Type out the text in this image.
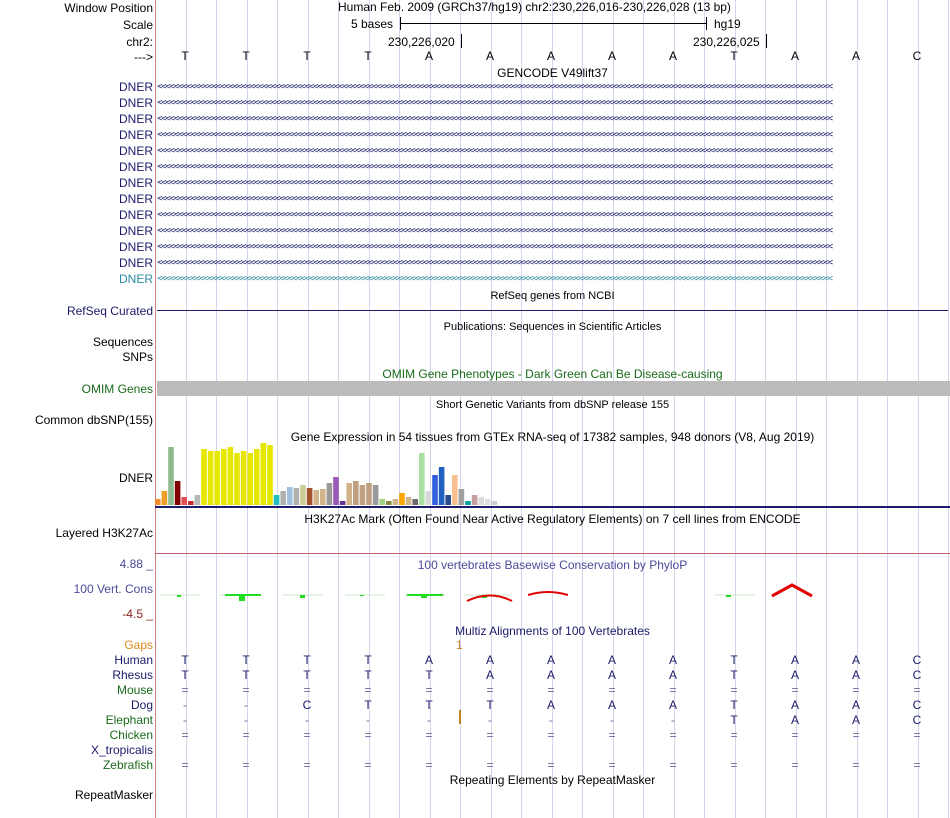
Window Position
Scale
chr2:
--->
Human Feb. 2009 (GRCh37/hg19) chr2:230,226,016-230,226,028 (13 bp)
5 bases	hg19
230,226,020	230,226,025
T	T	T	T	A	A	A	A	A	T	A	A	C
GENCODE V49lift37
DNER <<<<<<<<<<<<<<<<<<<<<<<<<<<<<<<<<<<<<<<<<<<<<<<<<<<<<<<<<<<<<<<<<<<<<<<<<<<<<<<<<<<<<<<<<<<<<<<<<<<<<<<<<<<<<<<<<<<<<<<<<<<<<<<<<<<<<<<<<<<<<<<<<<<<<<<<<<<<<<<<
DNER <<<<<<<<<<<<<<<<<<<<<<<<<<<<<<<<<<<<<<<<<<<<<<<<<<<<<<<<<<<<<<<<<<<<<<<<<<<<<<<<<<<<<<<<<<<<<<<<<<<<<<<<<<<<<<<<<<<<<<<<<<<<<<<<<<<<<<<<<<<<<<<<<<<<<<<<<<<<<<<<
DNER <<<<<<<<<<<<<<<<<<<<<<<<<<<<<<<<<<<<<<<<<<<<<<<<<<<<<<<<<<<<<<<<<<<<<<<<<<<<<<<<<<<<<<<<<<<<<<<<<<<<<<<<<<<<<<<<<<<<<<<<<<<<<<<<<<<<<<<<<<<<<<<<<<<<<<<<<<<<<<<<
DNER <<<<<<<<<<<<<<<<<<<<<<<<<<<<<<<<<<<<<<<<<<<<<<<<<<<<<<<<<<<<<<<<<<<<<<<<<<<<<<<<<<<<<<<<<<<<<<<<<<<<<<<<<<<<<<<<<<<<<<<<<<<<<<<<<<<<<<<<<<<<<<<<<<<<<<<<<<<<<<<<
DNER <<<<<<<<<<<<<<<<<<<<<<<<<<<<<<<<<<<<<<<<<<<<<<<<<<<<<<<<<<<<<<<<<<<<<<<<<<<<<<<<<<<<<<<<<<<<<<<<<<<<<<<<<<<<<<<<<<<<<<<<<<<<<<<<<<<<<<<<<<<<<<<<<<<<<<<<<<<<<<<<
DNER <<<<<<<<<<<<<<<<<<<<<<<<<<<<<<<<<<<<<<<<<<<<<<<<<<<<<<<<<<<<<<<<<<<<<<<<<<<<<<<<<<<<<<<<<<<<<<<<<<<<<<<<<<<<<<<<<<<<<<<<<<<<<<<<<<<<<<<<<<<<<<<<<<<<<<<<<<<<<<<<
DNER <<<<<<<<<<<<<<<<<<<<<<<<<<<<<<<<<<<<<<<<<<<<<<<<<<<<<<<<<<<<<<<<<<<<<<<<<<<<<<<<<<<<<<<<<<<<<<<<<<<<<<<<<<<<<<<<<<<<<<<<<<<<<<<<<<<<<<<<<<<<<<<<<<<<<<<<<<<<<<<<
DNER <<<<<<<<<<<<<<<<<<<<<<<<<<<<<<<<<<<<<<<<<<<<<<<<<<<<<<<<<<<<<<<<<<<<<<<<<<<<<<<<<<<<<<<<<<<<<<<<<<<<<<<<<<<<<<<<<<<<<<<<<<<<<<<<<<<<<<<<<<<<<<<<<<<<<<<<<<<<<<<<
DNER <<<<<<<<<<<<<<<<<<<<<<<<<<<<<<<<<<<<<<<<<<<<<<<<<<<<<<<<<<<<<<<<<<<<<<<<<<<<<<<<<<<<<<<<<<<<<<<<<<<<<<<<<<<<<<<<<<<<<<<<<<<<<<<<<<<<<<<<<<<<<<<<<<<<<<<<<<<<<<<<
DNER <<<<<<<<<<<<<<<<<<<<<<<<<<<<<<<<<<<<<<<<<<<<<<<<<<<<<<<<<<<<<<<<<<<<<<<<<<<<<<<<<<<<<<<<<<<<<<<<<<<<<<<<<<<<<<<<<<<<<<<<<<<<<<<<<<<<<<<<<<<<<<<<<<<<<<<<<<<<<<<<
DNER <<<<<<<<<<<<<<<<<<<<<<<<<<<<<<<<<<<<<<<<<<<<<<<<<<<<<<<<<<<<<<<<<<<<<<<<<<<<<<<<<<<<<<<<<<<<<<<<<<<<<<<<<<<<<<<<<<<<<<<<<<<<<<<<<<<<<<<<<<<<<<<<<<<<<<<<<<<<<<<<
DNER <<<<<<<<<<<<<<<<<<<<<<<<<<<<<<<<<<<<<<<<<<<<<<<<<<<<<<<<<<<<<<<<<<<<<<<<<<<<<<<<<<<<<<<<<<<<<<<<<<<<<<<<<<<<<<<<<<<<<<<<<<<<<<<<<<<<<<<<<<<<<<<<<<<<<<<<<<<<<<<<
DNER <<<<<<<<<<<<<<<<<<<<<<<<<<<<<<<<<<<<<<<<<<<<<<<<<<<<<<<<<<<<<<<<<<<<<<<<<<<<<<<<<<<<<<<<<<<<<<<<<<<<<<<<<<<<<<<<<<<<<<<<<<<<<<<<<<<<<<<<<<<<<<<<<<<<<<<<<<<<<<<<
RefSeq genes from NCBI
RefSeq Curated
Publications: Sequences in Scientific Articles
Sequences
SNPs
OMIM Gene Phenotypes - Dark Green Can Be Disease-causing
OMIM Genes
Short Genetic Variants from dbSNP release 155
Common dbSNP(155)
Gene Expression in 54 tissues from GTEx RNA-seq of 17382 samples, 948 donors (V8, Aug 2019)
DNER
H3K27Ac Mark (Often Found Near Active Regulatory Elements) on 7 cell lines from ENCODE
Layered H3K27Ac
100 vertebrates Basewise Conservation by PhyloP
4.88 _
100 Vert. Cons
-4.5 _
Multiz Alignments of 100 Vertebrates
Gaps	1
Human	T	T	T	T	A	A	A	A	A	T	A	A	C
Rhesus	T	T	T	T	T	A	A	A	A	T	A	A	C
Mouse	=	=	=	=	=	=	=	=	=	=	=	=	=
Dog	-	-	C	T	T	T	A	A	A	T	A	A	C
Elephant	-	-	-	-	-	-	-	-	-	T	A	A	C
Chicken	=	=	=	=	=	=	=	=	=	=	=	=	=
X_tropicalis
Zebrafish	=	=	=	=	=	=	=	=	=	=	=	=	=
Repeating Elements by RepeatMasker
RepeatMasker
